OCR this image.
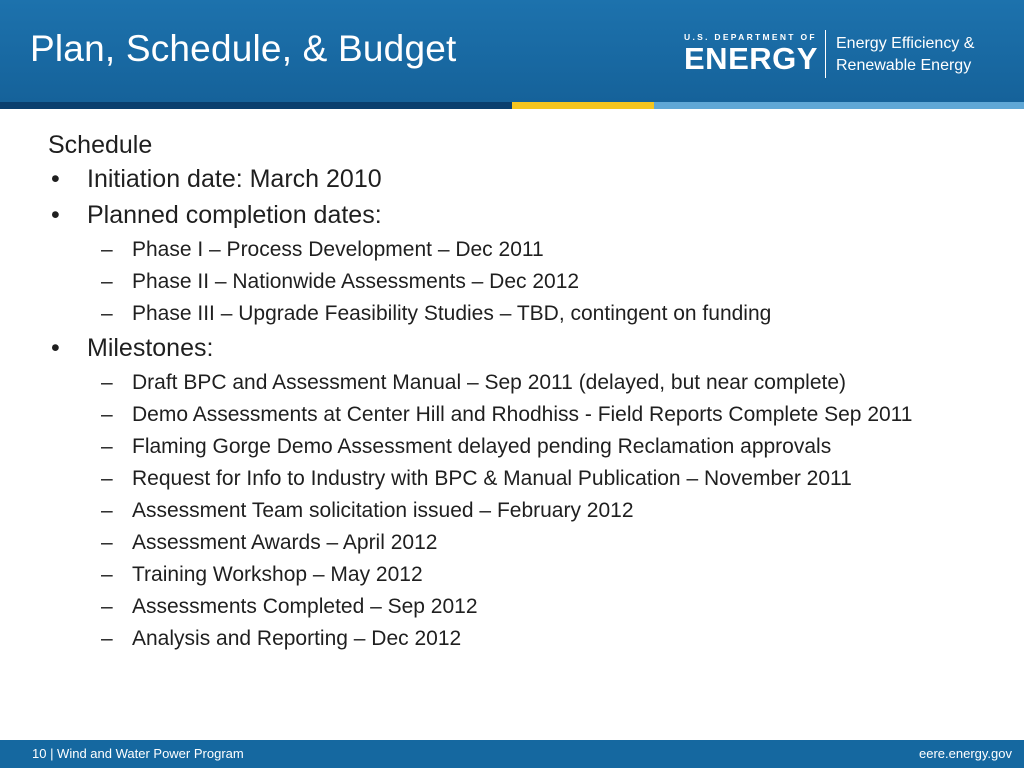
Plan, Schedule, & Budget	U.S. DEPARTMENT OF
ENERGY Energy Efficiency &
Renewable Energy
Schedule
• Initiation date: March 2010
• Planned completion dates:
– Phase I – Process Development – Dec 2011
– Phase II – Nationwide Assessments – Dec 2012
– Phase III – Upgrade Feasibility Studies – TBD, contingent on funding
• Milestones:
– Draft BPC and Assessment Manual – Sep 2011 (delayed, but near complete)
– Demo Assessments at Center Hill and Rhodhiss - Field Reports Complete Sep 2011
– Flaming Gorge Demo Assessment delayed pending Reclamation approvals
– Request for Info to Industry with BPC & Manual Publication – November 2011
– Assessment Team solicitation issued – February 2012
– Assessment Awards – April 2012
– Training Workshop – May 2012
– Assessments Completed – Sep 2012
– Analysis and Reporting – Dec 2012
10 | Wind and Water Power Program	eere.energy.gov
